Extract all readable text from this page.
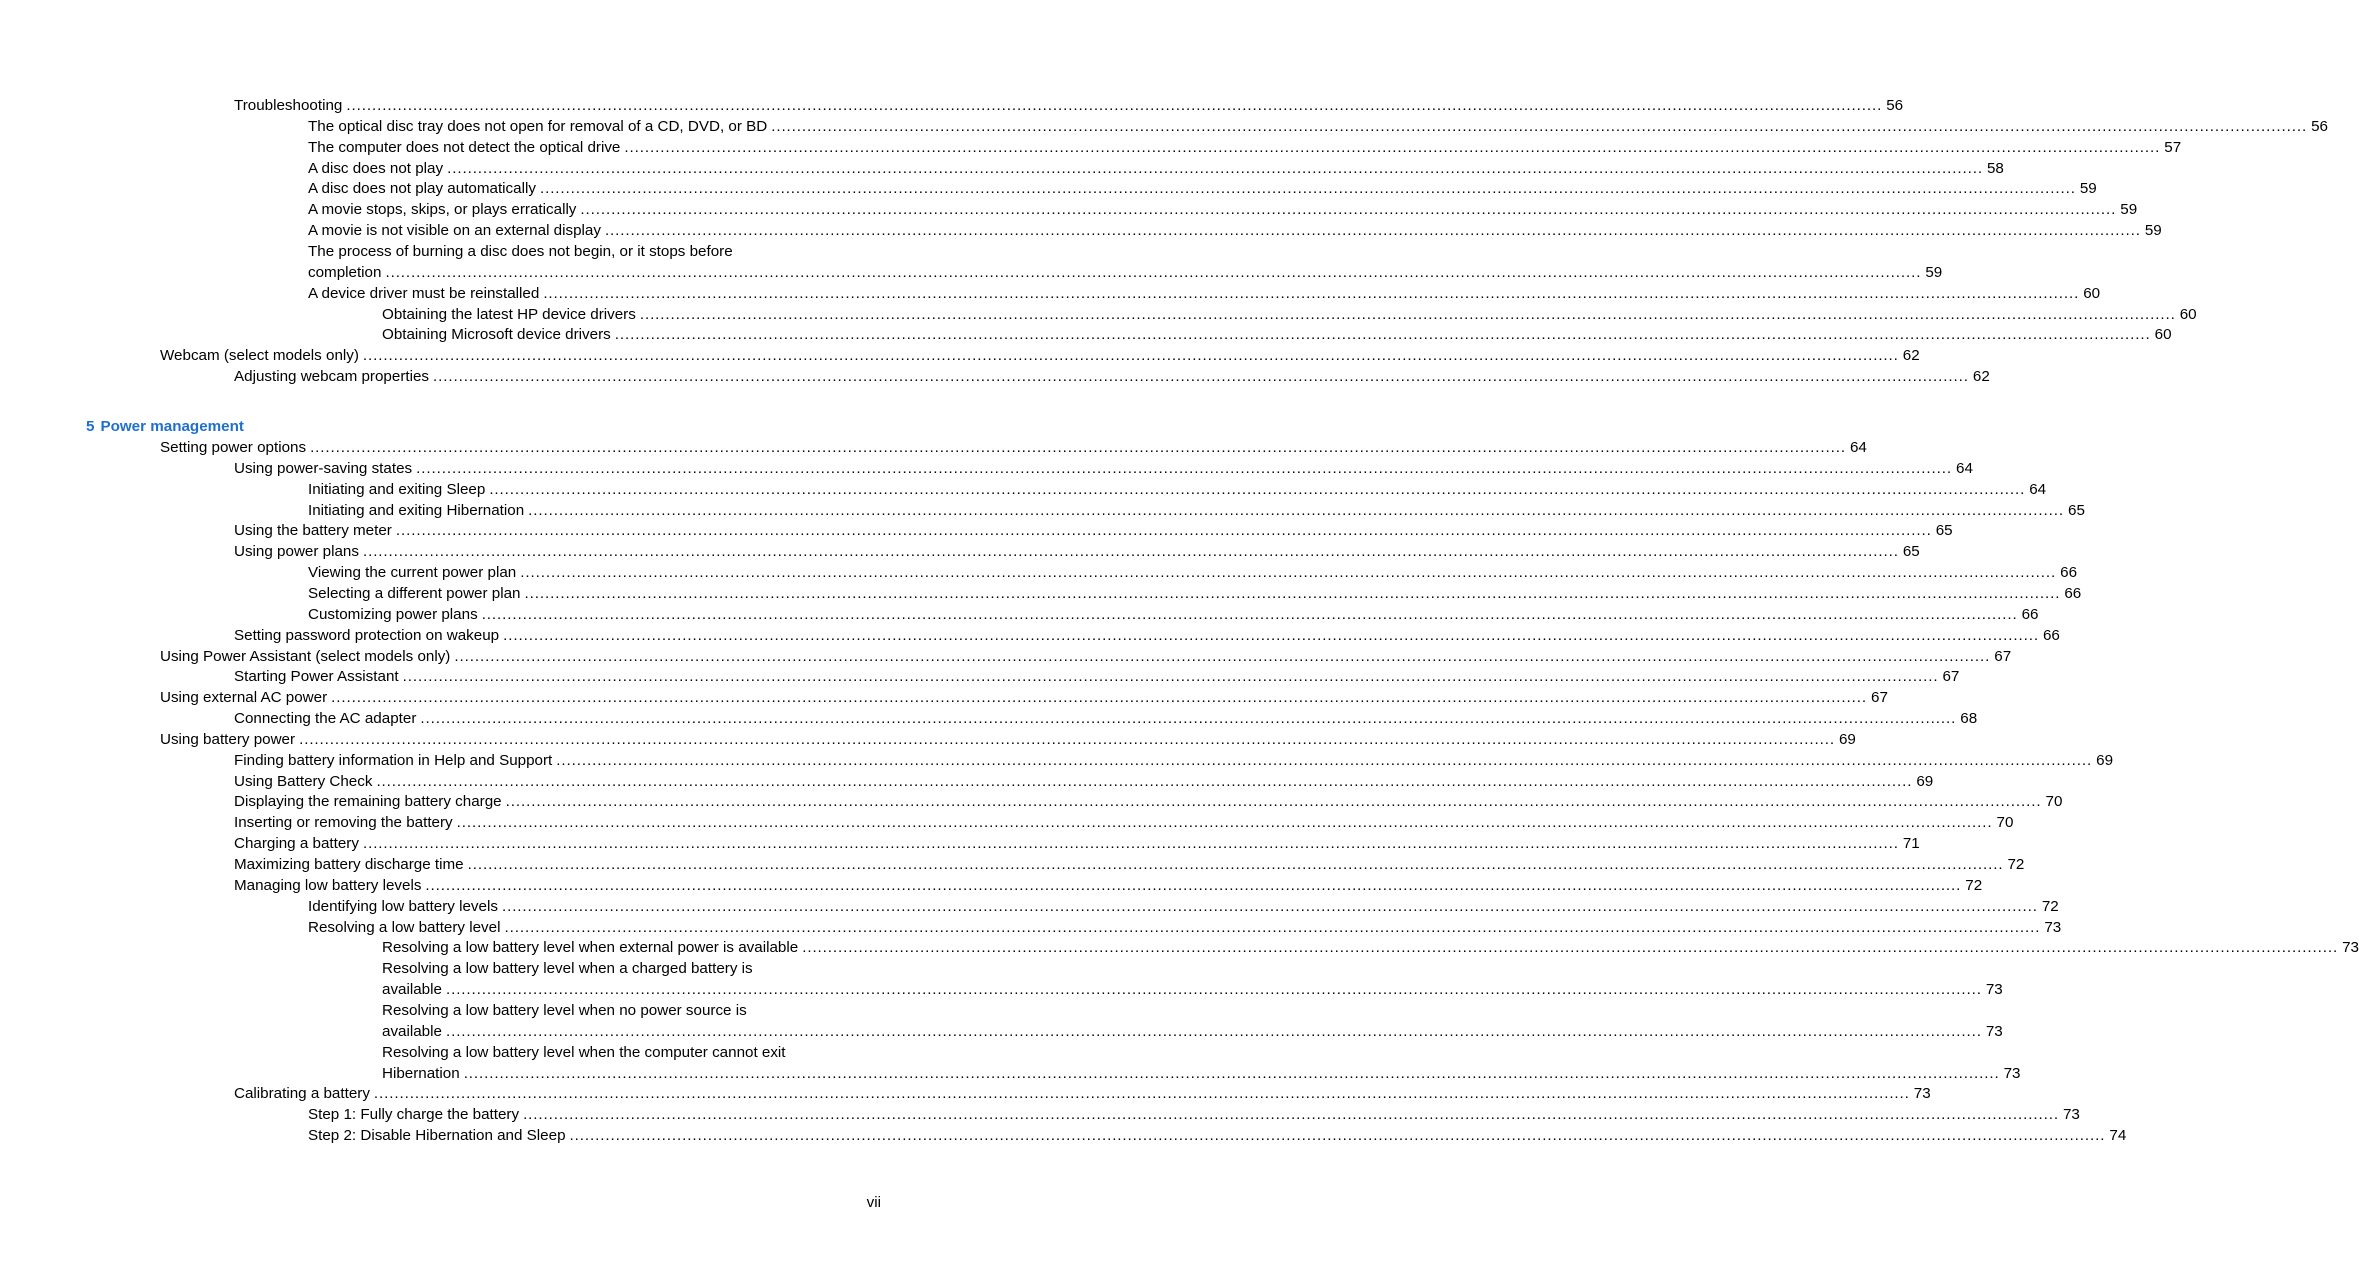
Troubleshooting ............................................................................................................................................................................................................................................................................................................ 56
The optical disc tray does not open for removal of a CD, DVD, or BD ............................................................................................................................................................................................................................................................................................................ 56
The computer does not detect the optical drive ............................................................................................................................................................................................................................................................................................................ 57
A disc does not play ............................................................................................................................................................................................................................................................................................................ 58
A disc does not play automatically ............................................................................................................................................................................................................................................................................................................ 59
A movie stops, skips, or plays erratically ............................................................................................................................................................................................................................................................................................................ 59
A movie is not visible on an external display ............................................................................................................................................................................................................................................................................................................ 59
The process of burning a disc does not begin, or it stops before
completion ............................................................................................................................................................................................................................................................................................................ 59
A device driver must be reinstalled ............................................................................................................................................................................................................................................................................................................ 60
Obtaining the latest HP device drivers ............................................................................................................................................................................................................................................................................................................ 60
Obtaining Microsoft device drivers ............................................................................................................................................................................................................................................................................................................ 60
Webcam (select models only) ............................................................................................................................................................................................................................................................................................................ 62
Adjusting webcam properties ............................................................................................................................................................................................................................................................................................................ 62
5 Power management
Setting power options ............................................................................................................................................................................................................................................................................................................ 64
Using power-saving states ............................................................................................................................................................................................................................................................................................................ 64
Initiating and exiting Sleep ............................................................................................................................................................................................................................................................................................................ 64
Initiating and exiting Hibernation ............................................................................................................................................................................................................................................................................................................ 65
Using the battery meter ............................................................................................................................................................................................................................................................................................................ 65
Using power plans ............................................................................................................................................................................................................................................................................................................ 65
Viewing the current power plan ............................................................................................................................................................................................................................................................................................................ 66
Selecting a different power plan ............................................................................................................................................................................................................................................................................................................ 66
Customizing power plans ............................................................................................................................................................................................................................................................................................................ 66
Setting password protection on wakeup ............................................................................................................................................................................................................................................................................................................ 66
Using Power Assistant (select models only) ............................................................................................................................................................................................................................................................................................................ 67
Starting Power Assistant ............................................................................................................................................................................................................................................................................................................ 67
Using external AC power ............................................................................................................................................................................................................................................................................................................ 67
Connecting the AC adapter ............................................................................................................................................................................................................................................................................................................ 68
Using battery power ............................................................................................................................................................................................................................................................................................................ 69
Finding battery information in Help and Support ............................................................................................................................................................................................................................................................................................................ 69
Using Battery Check ............................................................................................................................................................................................................................................................................................................ 69
Displaying the remaining battery charge ............................................................................................................................................................................................................................................................................................................ 70
Inserting or removing the battery ............................................................................................................................................................................................................................................................................................................ 70
Charging a battery ............................................................................................................................................................................................................................................................................................................ 71
Maximizing battery discharge time ............................................................................................................................................................................................................................................................................................................ 72
Managing low battery levels ............................................................................................................................................................................................................................................................................................................ 72
Identifying low battery levels ............................................................................................................................................................................................................................................................................................................ 72
Resolving a low battery level ............................................................................................................................................................................................................................................................................................................ 73
Resolving a low battery level when external power is available ............................................................................................................................................................................................................................................................................................................ 73
Resolving a low battery level when a charged battery is
available ............................................................................................................................................................................................................................................................................................................ 73
Resolving a low battery level when no power source is
available ............................................................................................................................................................................................................................................................................................................ 73
Resolving a low battery level when the computer cannot exit
Hibernation ............................................................................................................................................................................................................................................................................................................ 73
Calibrating a battery ............................................................................................................................................................................................................................................................................................................ 73
Step 1: Fully charge the battery ............................................................................................................................................................................................................................................................................................................ 73
Step 2: Disable Hibernation and Sleep ............................................................................................................................................................................................................................................................................................................ 74
vii
